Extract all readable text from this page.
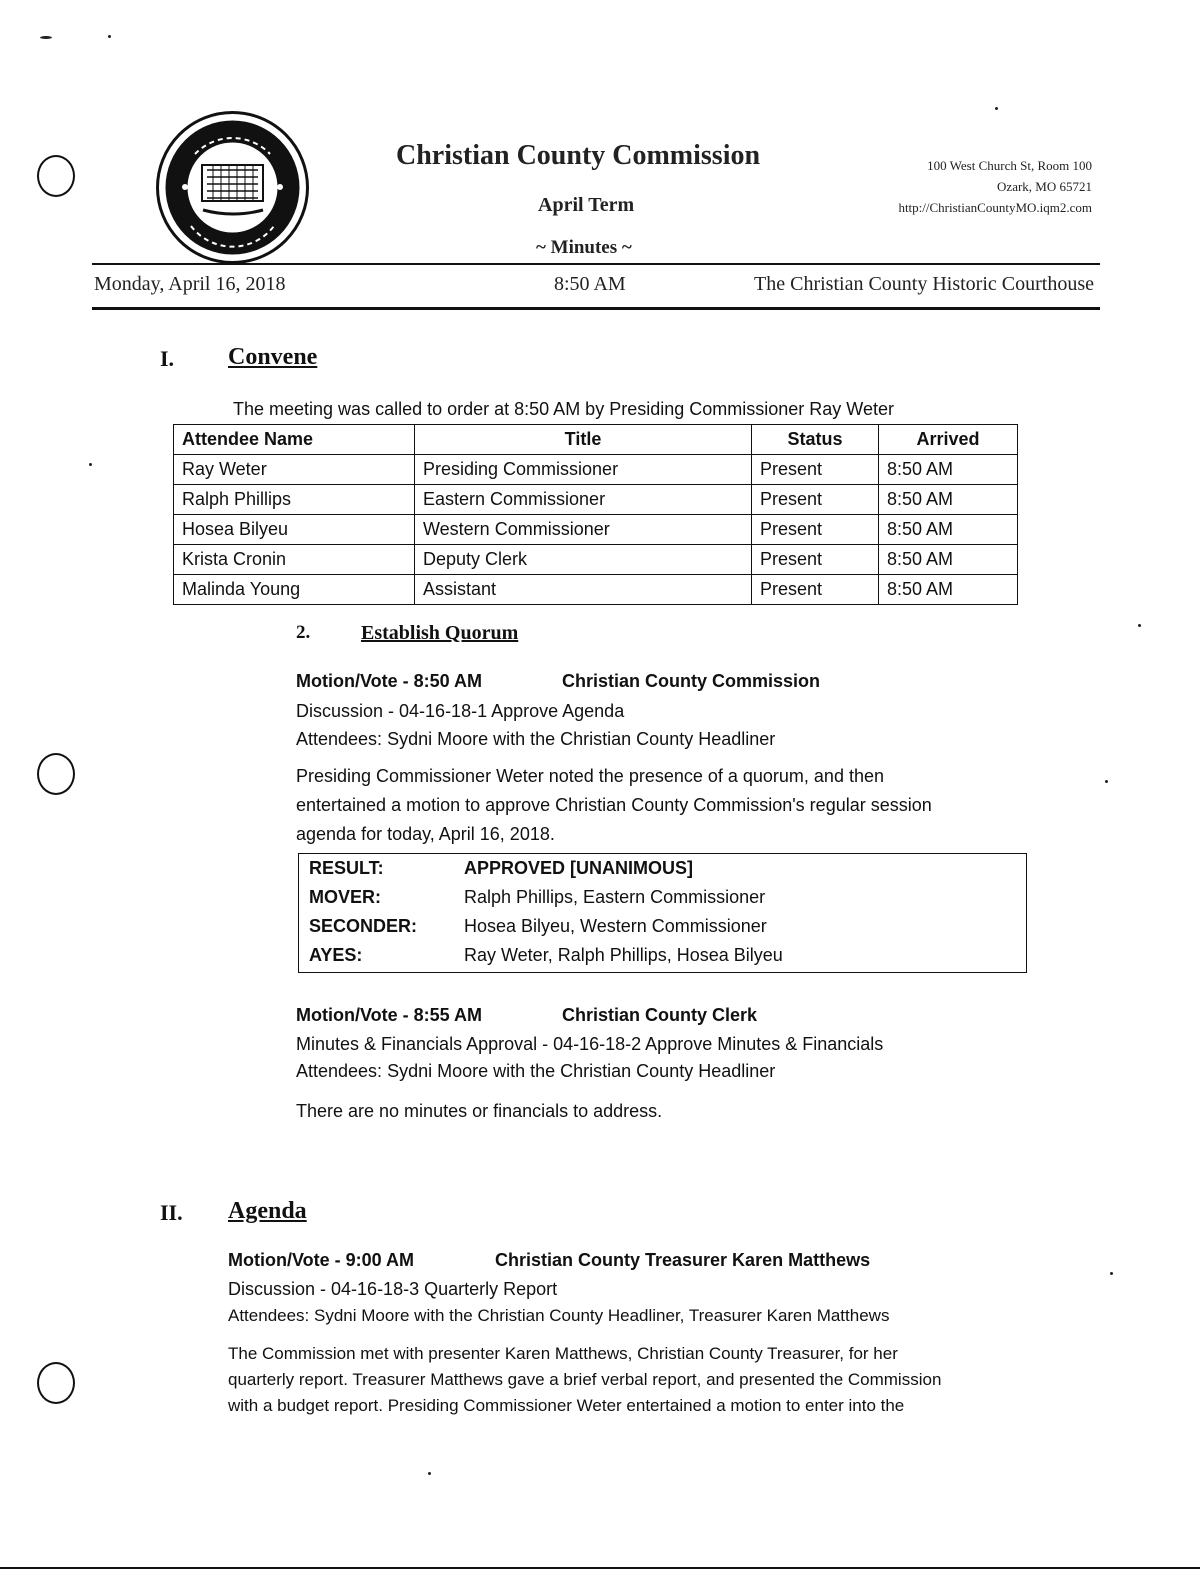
Christian County Commission
April Term
~ Minutes ~
100 West Church St, Room 100
Ozark, MO 65721
http://ChristianCountyMO.iqm2.com
Monday, April 16, 2018	8:50 AM	The Christian County Historic Courthouse
I. Convene
The meeting was called to order at 8:50 AM by Presiding Commissioner Ray Weter
Attendee Name	Title	Status	Arrived
Ray Weter	Presiding Commissioner	Present	8:50 AM
Ralph Phillips	Eastern Commissioner	Present	8:50 AM
Hosea Bilyeu	Western Commissioner	Present	8:50 AM
Krista Cronin	Deputy Clerk	Present	8:50 AM
Malinda Young	Assistant	Present	8:50 AM
2.	Establish Quorum
Motion/Vote - 8:50 AM	Christian County Commission
Discussion - 04-16-18-1 Approve Agenda
Attendees: Sydni Moore with the Christian County Headliner
Presiding Commissioner Weter noted the presence of a quorum, and then
entertained a motion to approve Christian County Commission's regular session
agenda for today, April 16, 2018.
RESULT:	APPROVED [UNANIMOUS]
MOVER:	Ralph Phillips, Eastern Commissioner
SECONDER:	Hosea Bilyeu, Western Commissioner
AYES:	Ray Weter, Ralph Phillips, Hosea Bilyeu
Motion/Vote - 8:55 AM	Christian County Clerk
Minutes & Financials Approval - 04-16-18-2 Approve Minutes & Financials
Attendees: Sydni Moore with the Christian County Headliner
There are no minutes or financials to address.
II. Agenda
Motion/Vote - 9:00 AM	Christian County Treasurer Karen Matthews
Discussion - 04-16-18-3 Quarterly Report
Attendees: Sydni Moore with the Christian County Headliner, Treasurer Karen Matthews
The Commission met with presenter Karen Matthews, Christian County Treasurer, for her
quarterly report. Treasurer Matthews gave a brief verbal report, and presented the Commission
with a budget report. Presiding Commissioner Weter entertained a motion to enter into the
